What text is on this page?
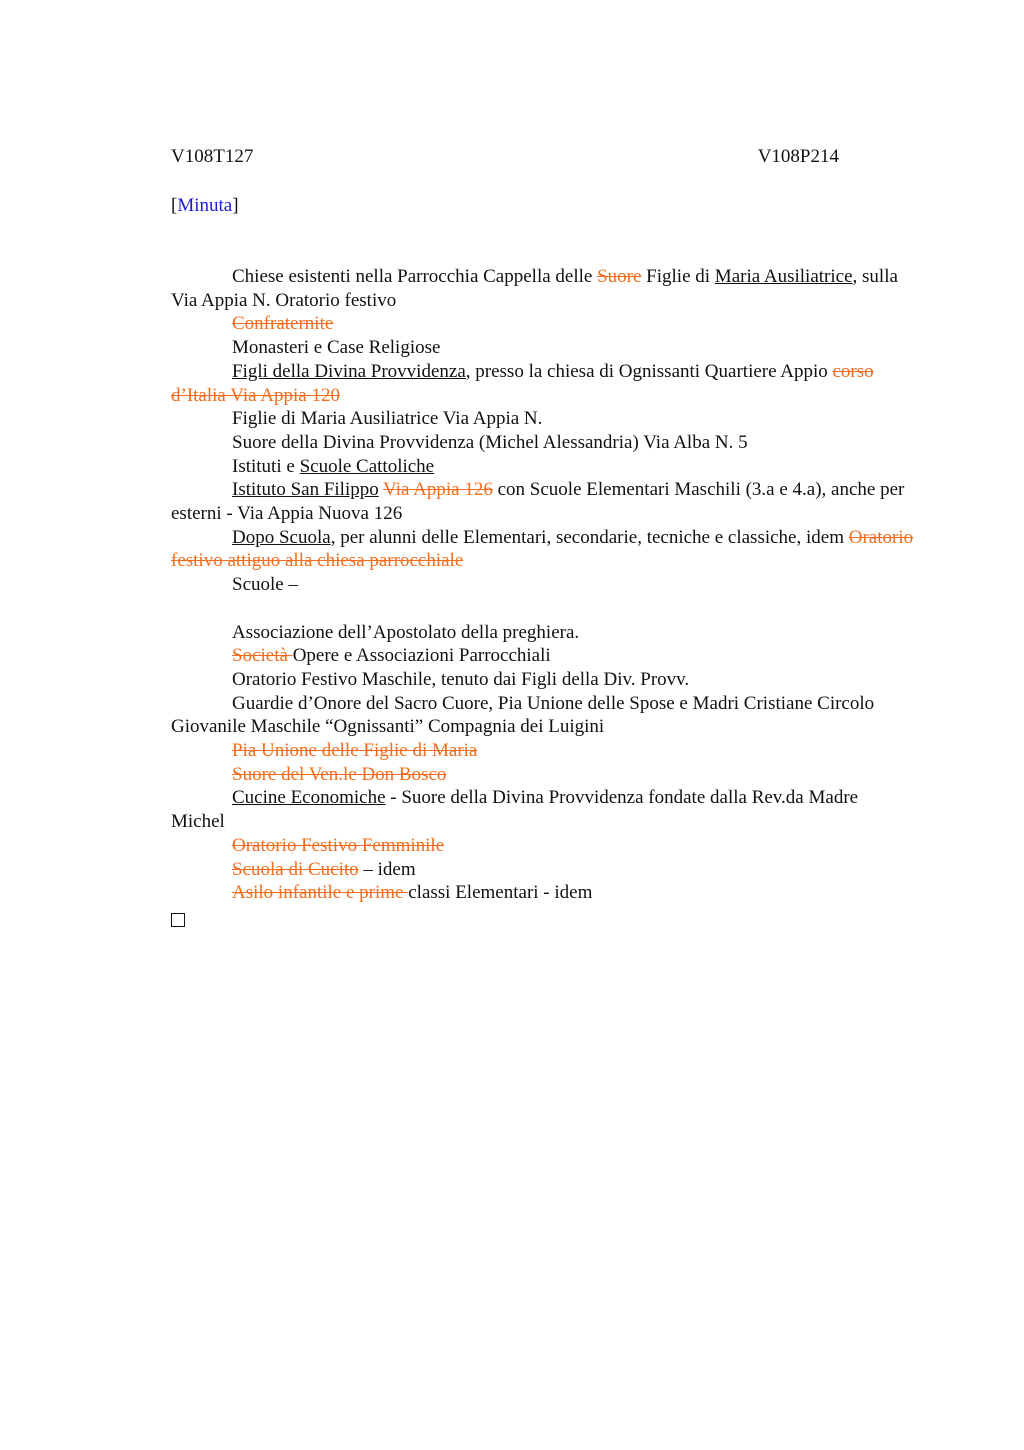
V108T127	V108P214
[Minuta]

Chiese esistenti nella Parrocchia Cappella delle Suore Figlie di Maria Ausiliatrice, sulla Via Appia N. Oratorio festivo

Confraternite

Monasteri e Case Religiose

Figli della Divina Provvidenza, presso la chiesa di Ognissanti Quartiere Appio corso d’Italia Via Appia 120

Figlie di Maria Ausiliatrice Via Appia N.

Suore della Divina Provvidenza (Michel Alessandria) Via Alba N. 5

Istituti e Scuole Cattoliche

Istituto San Filippo Via Appia 126 con Scuole Elementari Maschili (3.a e 4.a), anche per esterni - Via Appia Nuova 126

Dopo Scuola, per alunni delle Elementari, secondarie, tecniche e classiche, idem Oratorio festivo attiguo alla chiesa parrocchiale

Scuole –

Associazione dell’Apostolato della preghiera.

Società Opere e Associazioni Parrocchiali

Oratorio Festivo Maschile, tenuto dai Figli della Div. Provv.

Guardie d’Onore del Sacro Cuore, Pia Unione delle Spose e Madri Cristiane Circolo Giovanile Maschile “Ognissanti” Compagnia dei Luigini

Pia Unione delle Figlie di Maria

Suore del Ven.le Don Bosco

Cucine Economiche - Suore della Divina Provvidenza fondate dalla Rev.da Madre Michel

Oratorio Festivo Femminile

Scuola di Cucito – idem

Asilo infantile e prime classi Elementari - idem
